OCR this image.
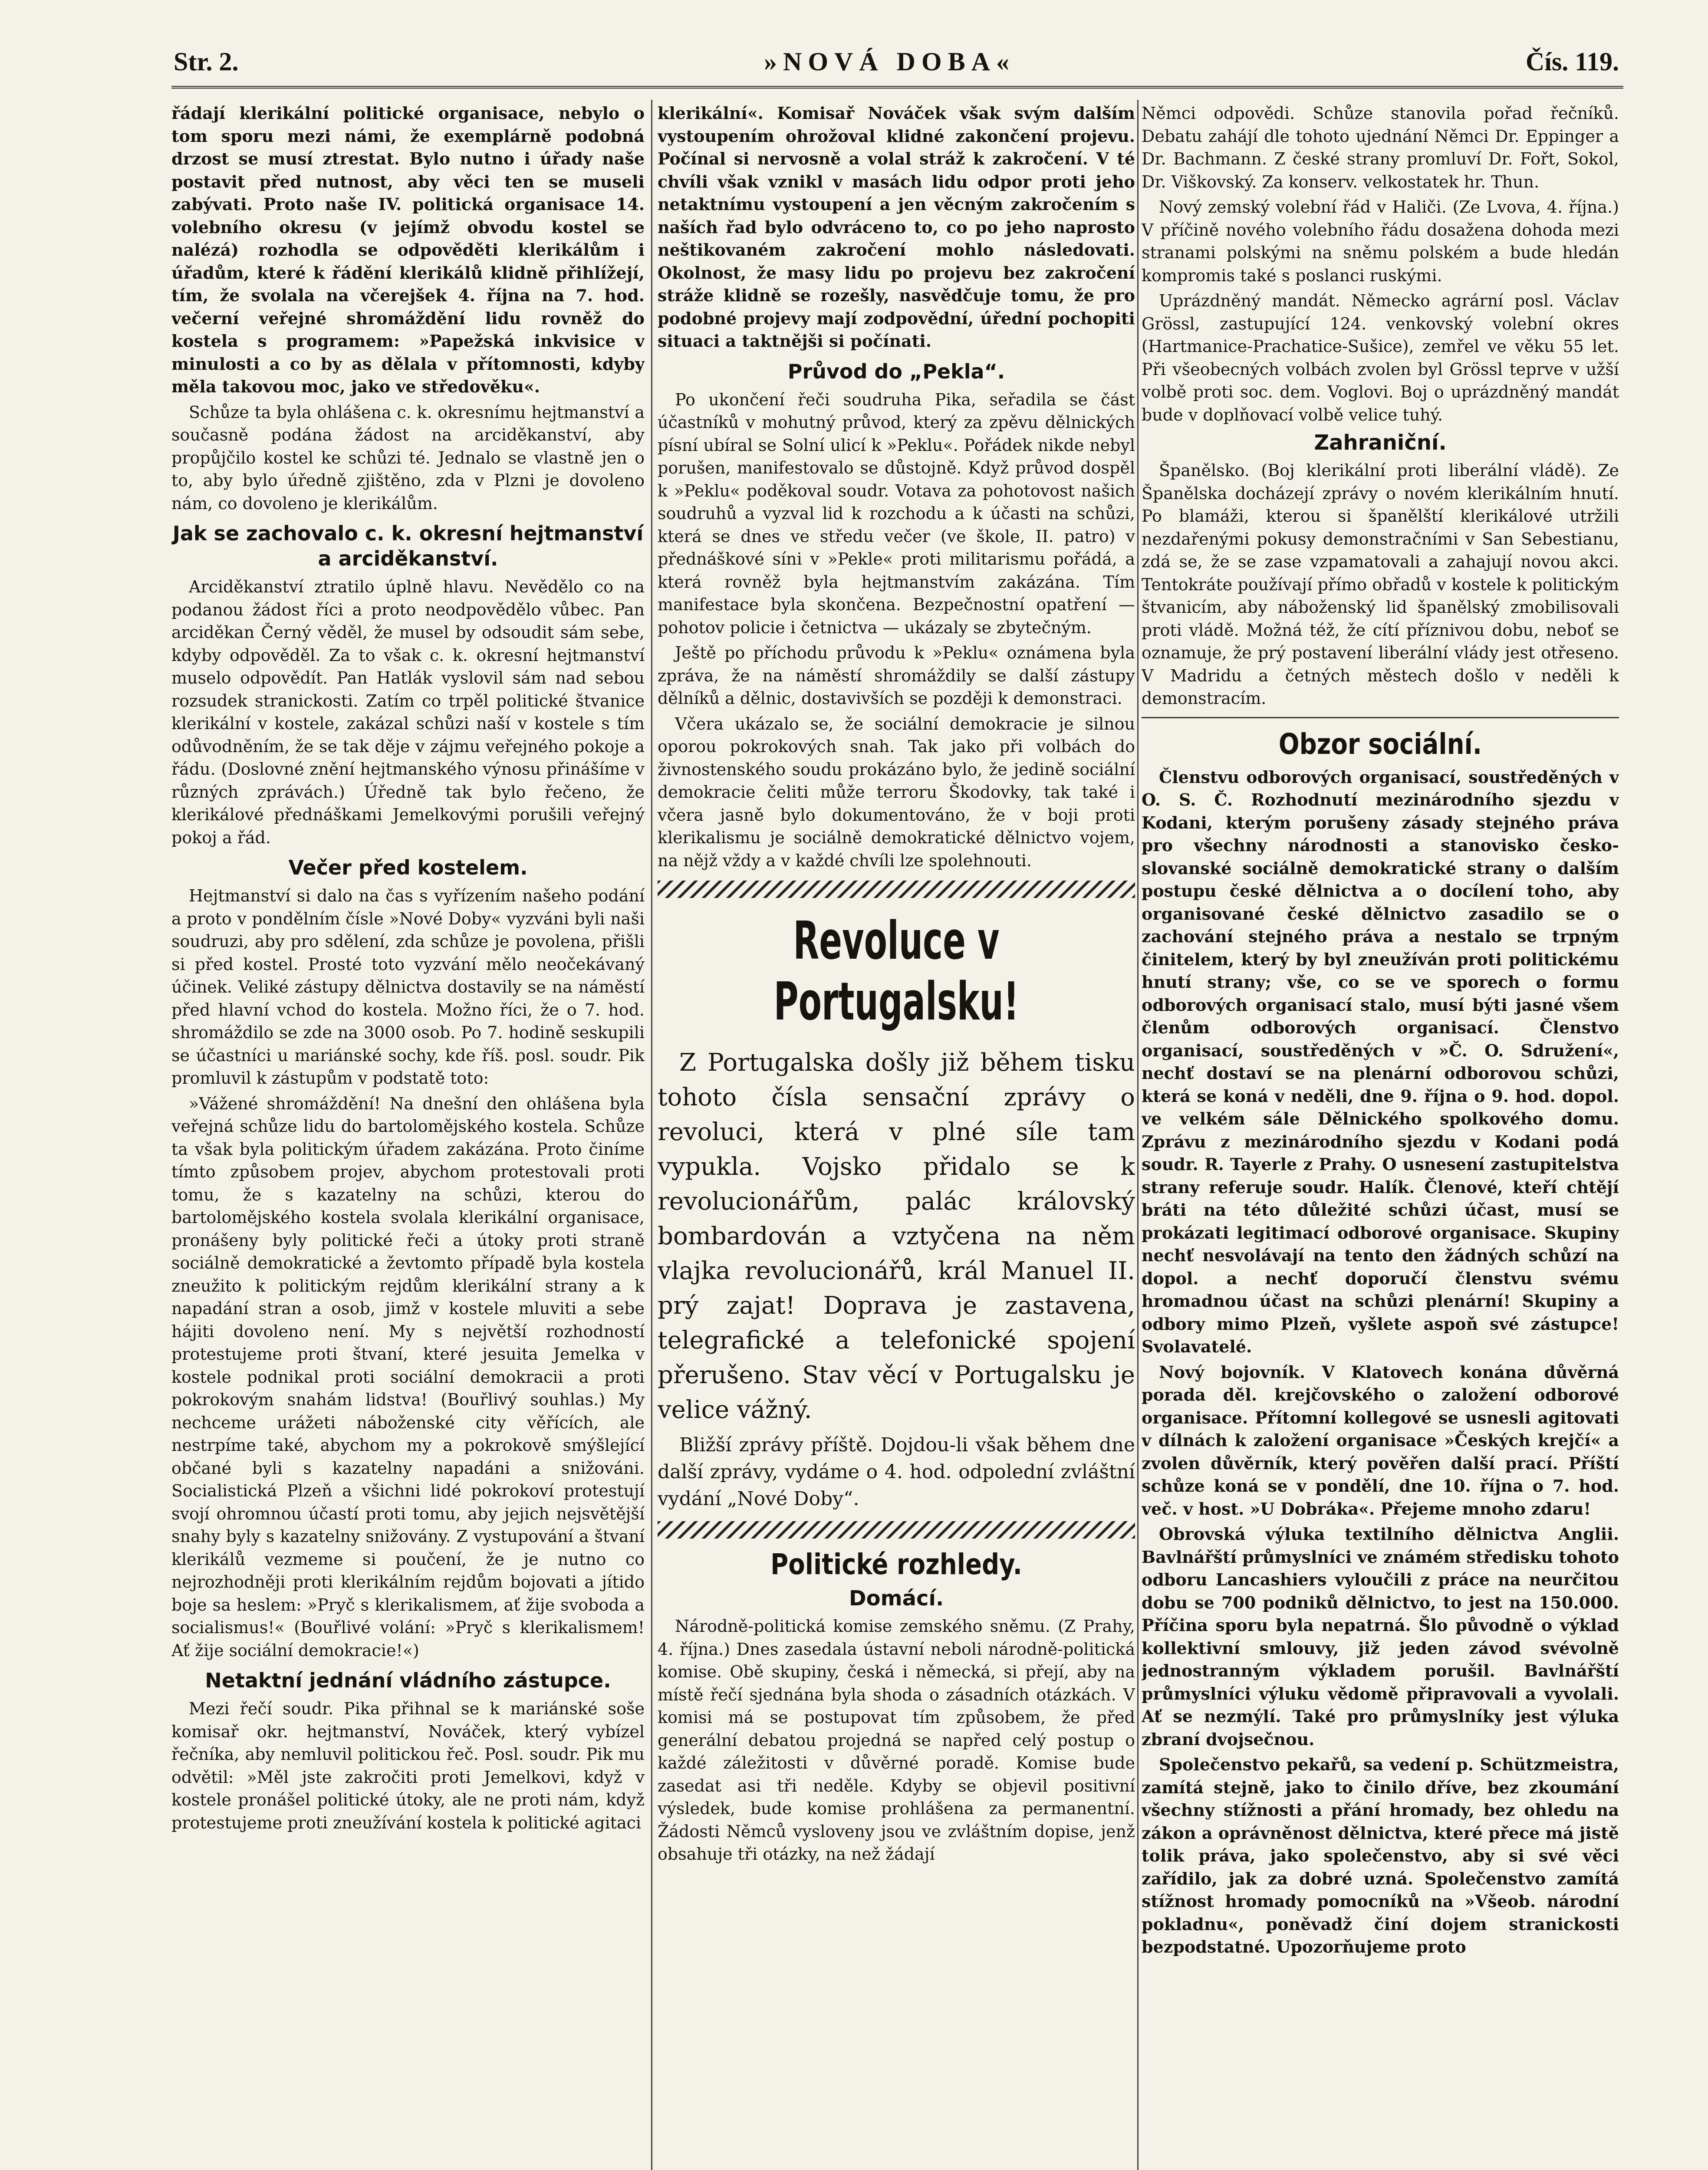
Str. 2.	»NOVÁ DOBA«	Čís. 119.

řádají klerikální politické organisace, nebylo o tom sporu mezi námi, že exemplárně podobná drzost se musí ztrestat. Bylo nutno i úřady naše postavit před nutnost, aby věci ten se museli zabývati. Proto naše IV. politická organisace 14. volebního okresu (v jejímž obvodu kostel se nalézá) rozhodla se odpověděti klerikálům i úřadům, které k řádění klerikálů klidně přihlížejí, tím, že svolala na včerejšek 4. října na 7. hod. večerní veřejné shromáždění lidu rovněž do kostela s programem: »Papežská inkvisice v minulosti a co by as dělala v přítomnosti, kdyby měla takovou moc, jako ve středověku«.

Schůze ta byla ohlášena c. k. okresnímu hejtmanství a současně podána žádost na arciděkanství, aby propůjčilo kostel ke schůzi té. Jednalo se vlastně jen o to, aby bylo úředně zjištěno, zda v Plzni je dovoleno nám, co dovoleno je klerikálům.

Jak se zachovalo c. k. okresní hejtmanství a arciděkanství.

Arciděkanství ztratilo úplně hlavu. Nevědělo co na podanou žádost říci a proto neodpovědělo vůbec. Pan arciděkan Černý věděl, že musel by odsoudit sám sebe, kdyby odpověděl. Za to však c. k. okresní hejtmanství muselo odpovědít. Pan Hatlák vyslovil sám nad sebou rozsudek stranickosti. Zatím co trpěl politické štvanice klerikální v kostele, zakázal schůzi naší v kostele s tím odůvodněním, že se tak děje v zájmu veřejného pokoje a řádu. (Doslovné znění hejtmanského výnosu přinášíme v různých zprávách.) Úředně tak bylo řečeno, že klerikálové přednáškami Jemelkovými porušili veřejný pokoj a řád.

Večer před kostelem.

Hejtmanství si dalo na čas s vyřízením našeho podání a proto v pondělním čísle »Nové Doby« vyzváni byli naši soudruzi, aby pro sdělení, zda schůze je povolena, přišli si před kostel. Prosté toto vyzvání mělo neočekávaný účinek. Veliké zástupy dělnictva dostavily se na náměstí před hlavní vchod do kostela. Možno říci, že o 7. hod. shromáždilo se zde na 3000 osob. Po 7. hodině seskupili se účastníci u mariánské sochy, kde říš. posl. soudr. Pik promluvil k zástupům v podstatě toto:

»Vážené shromáždění! Na dnešní den ohlášena byla veřejná schůze lidu do bartolomějského kostela. Schůze ta však byla politickým úřadem zakázána. Proto činíme tímto způsobem projev, abychom protestovali proti tomu, že s kazatelny na schůzi, kterou do bartolomějského kostela svolala klerikální organisace, pronášeny byly politické řeči a útoky proti straně sociálně demokratické a ževtomto případě byla kostela zneužito k politickým rejdům klerikální strany a k napadání stran a osob, jimž v kostele mluviti a sebe hájiti dovoleno není. My s největší rozhodností protestujeme proti štvaní, které jesuita Jemelka v kostele podnikal proti sociální demokracii a proti pokrokovým snahám lidstva! (Bouřlivý souhlas.) My nechceme urážeti náboženské city věřících, ale nestrpíme také, abychom my a pokrokově smýšlející občané byli s kazatelny napadáni a snižováni. Socialistická Plzeň a všichni lidé pokrokoví protestují svojí ohromnou účastí proti tomu, aby jejich nejsvětější snahy byly s kazatelny snižovány. Z vystupování a štvaní klerikálů vezmeme si poučení, že je nutno co nejrozhodněji proti klerikálním rejdům bojovati a jítido boje sa heslem: »Pryč s klerikalismem, ať žije svoboda a socialismus!« (Bouřlivé volání: »Pryč s klerikalismem! Ať žije sociální demokracie!«)

Netaktní jednání vládního zástupce.

Mezi řečí soudr. Pika přihnal se k mariánské soše komisař okr. hejtmanství, Nováček, který vybízel řečníka, aby nemluvil politickou řeč. Posl. soudr. Pik mu odvětil: »Měl jste zakročiti proti Jemelkovi, když v kostele pronášel politické útoky, ale ne proti nám, když protestujeme proti zneužívání kostela k politické agitaci

klerikální«. Komisař Nováček však svým dalším vystoupením ohrožoval klidné zakončení projevu. Počínal si nervosně a volal stráž k zakročení. V té chvíli však vznikl v masách lidu odpor proti jeho netaktnímu vystoupení a jen věcným zakročením s naších řad bylo odvráceno to, co po jeho naprosto neštikovaném zakročení mohlo následovati. Okolnost, že masy lidu po projevu bez zakročení stráže klidně se rozešly, nasvědčuje tomu, že pro podobné projevy mají zodpovědní, úřední pochopiti situaci a taktnějši si počínati.

Průvod do „Pekla“.

Po ukončení řeči soudruha Pika, seřadila se část účastníků v mohutný průvod, který za zpěvu dělnických písní ubíral se Solní ulicí k »Peklu«. Pořádek nikde nebyl porušen, manifestovalo se důstojně. Když průvod dospěl k »Peklu« poděkoval soudr. Votava za pohotovost našich soudruhů a vyzval lid k rozchodu a k účasti na schůzi, která se dnes ve středu večer (ve škole, II. patro) v přednáškové síni v »Pekle« proti militarismu pořádá, a která rovněž byla hejtmanstvím zakázána. Tím manifestace byla skončena. Bezpečnostní opatření — pohotov policie i četnictva — ukázaly se zbytečným.

Ještě po příchodu průvodu k »Peklu« oznámena byla zpráva, že na náměstí shromáždily se další zástupy dělníků a dělnic, dostavivších se později k demonstraci.

Včera ukázalo se, že sociální demokracie je silnou oporou pokrokových snah. Tak jako při volbách do živnostenského soudu prokázáno bylo, že jedině sociální demokracie čeliti může terroru Škodovky, tak také i včera jasně bylo dokumentováno, že v boji proti klerikalismu je sociálně demokratické dělnictvo vojem, na nějž vždy a v každé chvíli lze spolehnouti.

Revoluce v Portugalsku!

Z Portugalska došly již během tisku tohoto čísla sensační zprávy o revoluci, která v plné síle tam vypukla. Vojsko přidalo se k revolucionářům, palác královský bombardován a vztyčena na něm vlajka revolucionářů, král Manuel II. prý zajat! Doprava je zastavena, telegrafické a telefonické spojení přerušeno. Stav věcí v Portugalsku je velice vážný.

Bližší zprávy příště. Dojdou-li však během dne další zprávy, vydáme o 4. hod. odpolední zvláštní vydání „Nové Doby“.

Politické rozhledy.
Domácí.

Národně-politická komise zemského sněmu. (Z Prahy, 4. října.) Dnes zasedala ústavní neboli národně-politická komise. Obě skupiny, česká i německá, si přejí, aby na místě řečí sjednána byla shoda o zásadních otázkách. V komisi má se postupovat tím způsobem, že před generální debatou projedná se napřed celý postup o každé záležitosti v důvěrné poradě. Komise bude zasedat asi tři neděle. Kdyby se objevil positivní výsledek, bude komise prohlášena za permanentní. Žádosti Němců vysloveny jsou ve zvláštním dopise, jenž obsahuje tři otázky, na než žádají

Němci odpovědi. Schůze stanovila pořad řečníků. Debatu zahájí dle tohoto ujednání Němci Dr. Eppinger a Dr. Bachmann. Z české strany promluví Dr. Fořt, Sokol, Dr. Viškovský. Za konserv. velkostatek hr. Thun.

Nový zemský volební řád v Haliči. (Ze Lvova, 4. října.) V příčině nového volebního řádu dosažena dohoda mezi stranami polskými na sněmu polském a bude hledán kompromis také s poslanci ruskými.

Uprázdněný mandát. Německo agrární posl. Václav Grössl, zastupující 124. venkovský volební okres (Hartmanice-Prachatice-Sušice), zemřel ve věku 55 let. Při všeobecných volbách zvolen byl Grössl teprve v užší volbě proti soc. dem. Voglovi. Boj o uprázdněný mandát bude v doplňovací volbě velice tuhý.

Zahraniční.

Španělsko. (Boj klerikální proti liberální vládě). Ze Španělska docházejí zprávy o novém klerikálním hnutí. Po blamáži, kterou si španělští klerikálové utržili nezdařenými pokusy demonstračními v San Sebestianu, zdá se, že se zase vzpamatovali a zahajují novou akci. Tentokráte používají přímo obřadů v kostele k politickým štvanicím, aby náboženský lid španělský zmobilisovali proti vládě. Možná též, že cítí příznivou dobu, neboť se oznamuje, že prý postavení liberální vlády jest otřeseno. V Madridu a četných městech došlo v neděli k demonstracím.

Obzor sociální.

Členstvu odborových organisací, soustředěných v O. S. Č. Rozhodnutí mezinárodního sjezdu v Kodani, kterým porušeny zásady stejného práva pro všechny národnosti a stanovisko česko-slovanské sociálně demokratické strany o dalším postupu české dělnictva a o docílení toho, aby organisované české dělnictvo zasadilo se o zachování stejného práva a nestalo se trpným činitelem, který by byl zneužíván proti politickému hnutí strany; vše, co se ve sporech o formu odborových organisací stalo, musí býti jasné všem členům odborových organisací. Členstvo organisací, soustředěných v »Č. O. Sdružení«, nechť dostaví se na plenární odborovou schůzi, která se koná v neděli, dne 9. října o 9. hod. dopol. ve velkém sále Dělnického spolkového domu. Zprávu z mezinárodního sjezdu v Kodani podá soudr. R. Tayerle z Prahy. O usnesení zastupitelstva strany referuje soudr. Halík. Členové, kteří chtějí bráti na této důležité schůzi účast, musí se prokázati legitimací odborové organisace. Skupiny nechť nesvolávají na tento den žádných schůzí na dopol. a nechť doporučí členstvu svému hromadnou účast na schůzi plenární! Skupiny a odbory mimo Plzeň, vyšlete aspoň své zástupce! Svolavatelé.

Nový bojovník. V Klatovech konána důvěrná porada děl. krejčovského o založení odborové organisace. Přítomní kollegové se usnesli agitovati v dílnách k založení organisace »Českých krejčí« a zvolen důvěrník, který pověřen další prací. Příští schůze koná se v pondělí, dne 10. října o 7. hod. več. v host. »U Dobráka«. Přejeme mnoho zdaru!

Obrovská výluka textilního dělnictva Anglii. Bavlnářští průmyslníci ve známém středisku tohoto odboru Lancashiers vyloučili z práce na neurčitou dobu se 700 podniků dělnictvo, to jest na 150.000. Příčina sporu byla nepatrná. Šlo původně o výklad kollektivní smlouvy, již jeden závod svévolně jednostranným výkladem porušil. Bavlnářští průmyslníci výluku vědomě připravovali a vyvolali. Ať se nezmýlí. Také pro průmyslníky jest výluka zbraní dvojsečnou.

Společenstvo pekařů, sa vedení p. Schützmeistra, zamítá stejně, jako to činilo dříve, bez zkoumání všechny stížnosti a přání hromady, bez ohledu na zákon a oprávněnost dělnictva, které přece má jistě tolik práva, jako společenstvo, aby si své věci zařídilo, jak za dobré uzná. Společenstvo zamítá stížnost hromady pomocníků na »Všeob. národní pokladnu«, poněvadž činí dojem stranickosti bezpodstatné. Upozorňujeme proto
